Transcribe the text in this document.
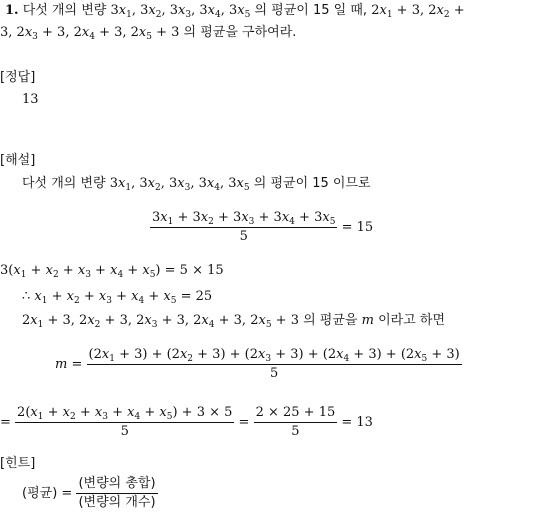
1. 다섯 개의 변량 $3x_1$, $3x_2$, $3x_3$, $3x_4$, $3x_5$ 의 평균이 15 일 때, $2x_1 + 3$, $2x_2$ +
3, $2x_3 + 3$, $2x_4 + 3$, $2x_5 + 3$ 의 평균을 구하여라.
[정답]
13
[해설]
다섯 개의 변량 $3x_1$, $3x_2$, $3x_3$, $3x_4$, $3x_5$ 의 평균이 15 이므로
$\frac{3x_1 + 3x_2 + 3x_3 + 3x_4 + 3x_5}{5} = 15$
$3(x_1 + x_2 + x_3 + x_4 + x_5) = 5 \times 15$
∴ $x_1 + x_2 + x_3 + x_4 + x_5 = 25$
$2x_1 + 3$, $2x_2 + 3$, $2x_3 + 3$, $2x_4 + 3$, $2x_5 + 3$ 의 평균을 m 이라고 하면
$m = \frac{(2x_1 + 3) + (2x_2 + 3) + (2x_3 + 3) + (2x_4 + 3) + (2x_5 + 3)}{5}$
= $\frac{2(x_1 + x_2 + x_3 + x_4 + x_5) + 3 \times 5}{5} = \frac{2 \times 25 + 15}{5} = 13$
[힌트]
(평균) = $\frac{\text{(변량의 총합)}}{\text{(변량의 개수)}}$
